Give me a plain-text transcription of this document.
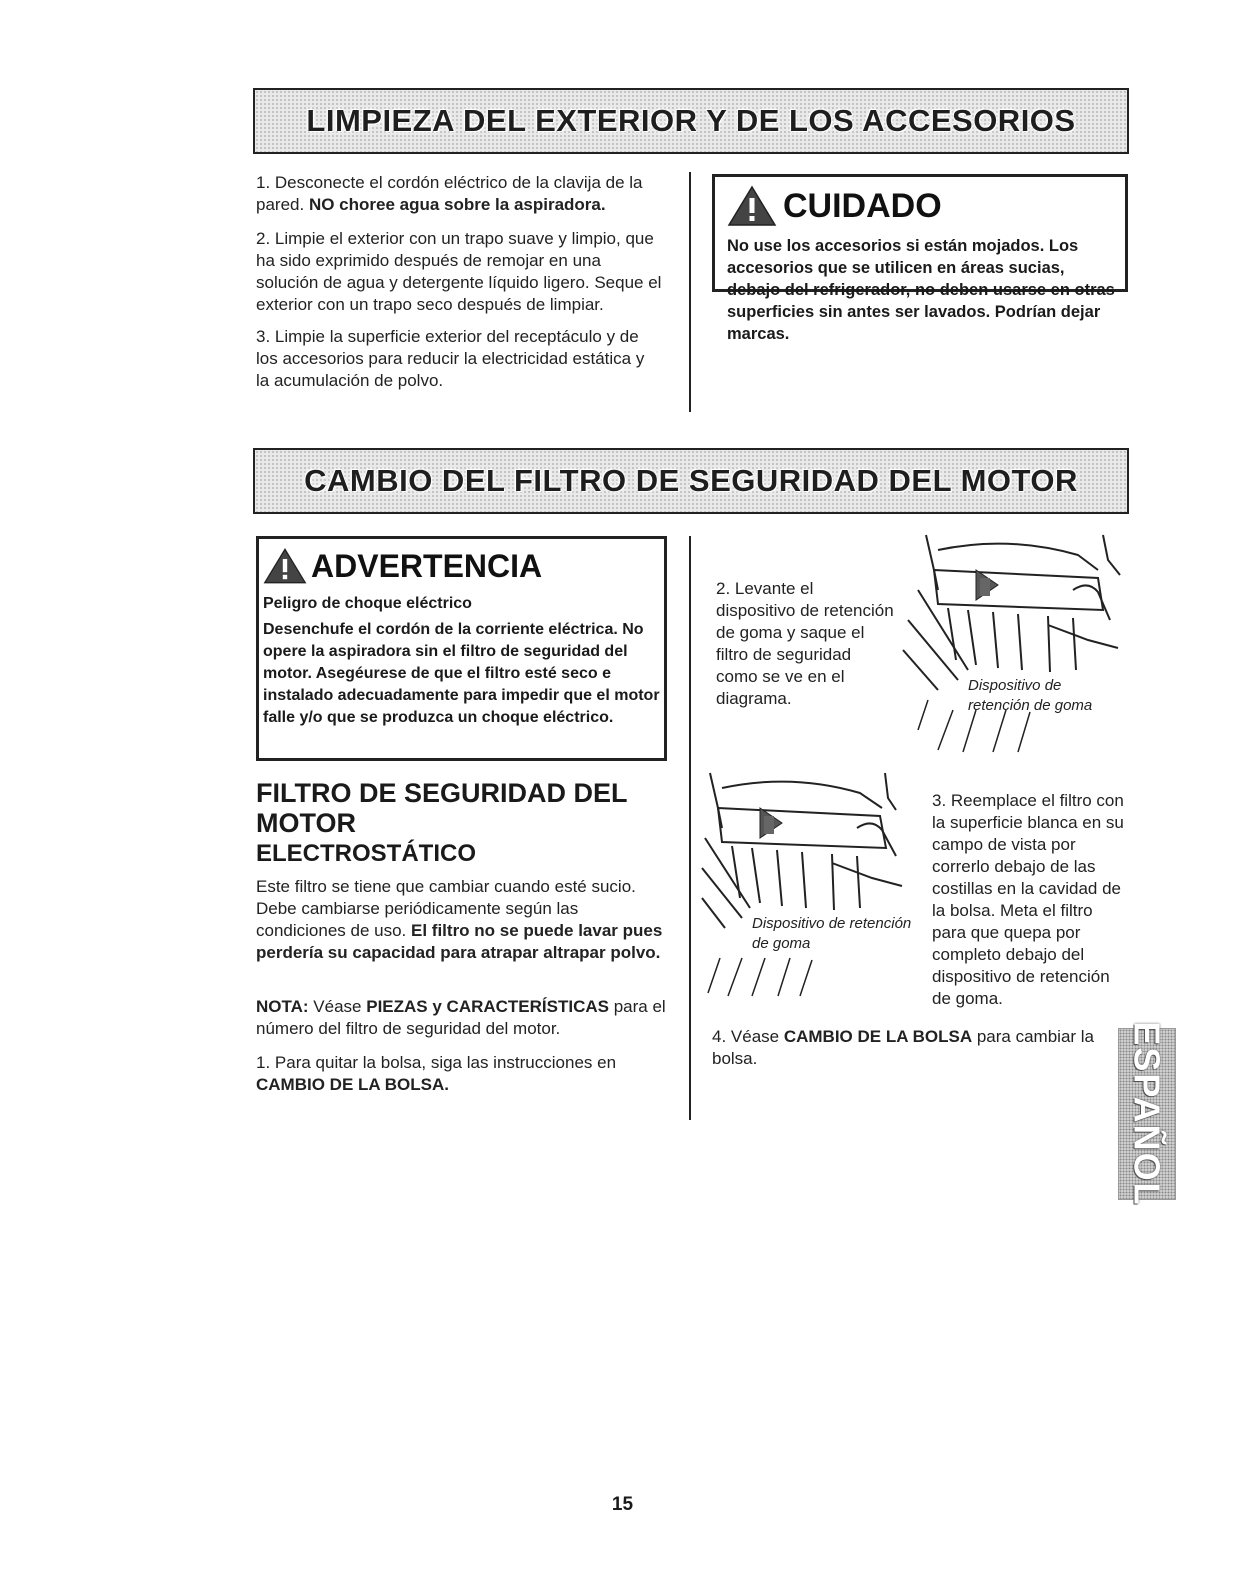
LIMPIEZA DEL EXTERIOR Y DE LOS ACCESORIOS

1. Desconecte el cordón eléctrico de la clavija de la pared. NO choree agua sobre la aspiradora.

2. Limpie el exterior con un trapo suave y limpio, que ha sido exprimido después de remojar en una solución de agua y detergente líquido ligero. Seque el exterior con un trapo seco después de limpiar.

3. Limpie la superficie exterior del receptáculo y de los accesorios para reducir la electricidad estática y la acumulación de polvo.

CUIDADO

No use los accesorios si están mojados. Los accesorios que se utilicen en áreas sucias, debajo del refrigerador, no deben usarse en otras superficies sin antes ser lavados. Podrían dejar marcas.

CAMBIO DEL FILTRO DE SEGURIDAD DEL MOTOR
ADVERTENCIA

Peligro de choque eléctrico

Desenchufe el cordón de la corriente eléctrica. No opere la aspiradora sin el filtro de seguridad del motor. Asegéurese de que el filtro esté seco e instalado adecuadamente para impedir que el motor falle y/o que se produzca un choque eléctrico.

FILTRO DE SEGURIDAD DEL MOTOR
ELECTROSTÁTICO

Este filtro se tiene que cambiar cuando esté sucio. Debe cambiarse periódicamente según las condiciones de uso. El filtro no se puede lavar pues perdería su capacidad para atrapar altrapar polvo.

NOTA: Véase PIEZAS y CARACTERÍSTICAS para el número del filtro de seguridad del motor.

1. Para quitar la bolsa, siga las instrucciones en CAMBIO DE LA BOLSA.

2. Levante el dispositivo de retención de goma y saque el filtro de seguridad como se ve en el diagrama.

Dispositivo de retención de goma
Dispositivo de retención de goma

3. Reemplace el filtro con la superficie blanca en su campo de vista por correrlo debajo de las costillas en la cavidad de la bolsa. Meta el filtro para que quepa por completo debajo del dispositivo de retención de goma.

4. Véase CAMBIO DE LA BOLSA para cambiar la bolsa.	ESPAÑOL
15
